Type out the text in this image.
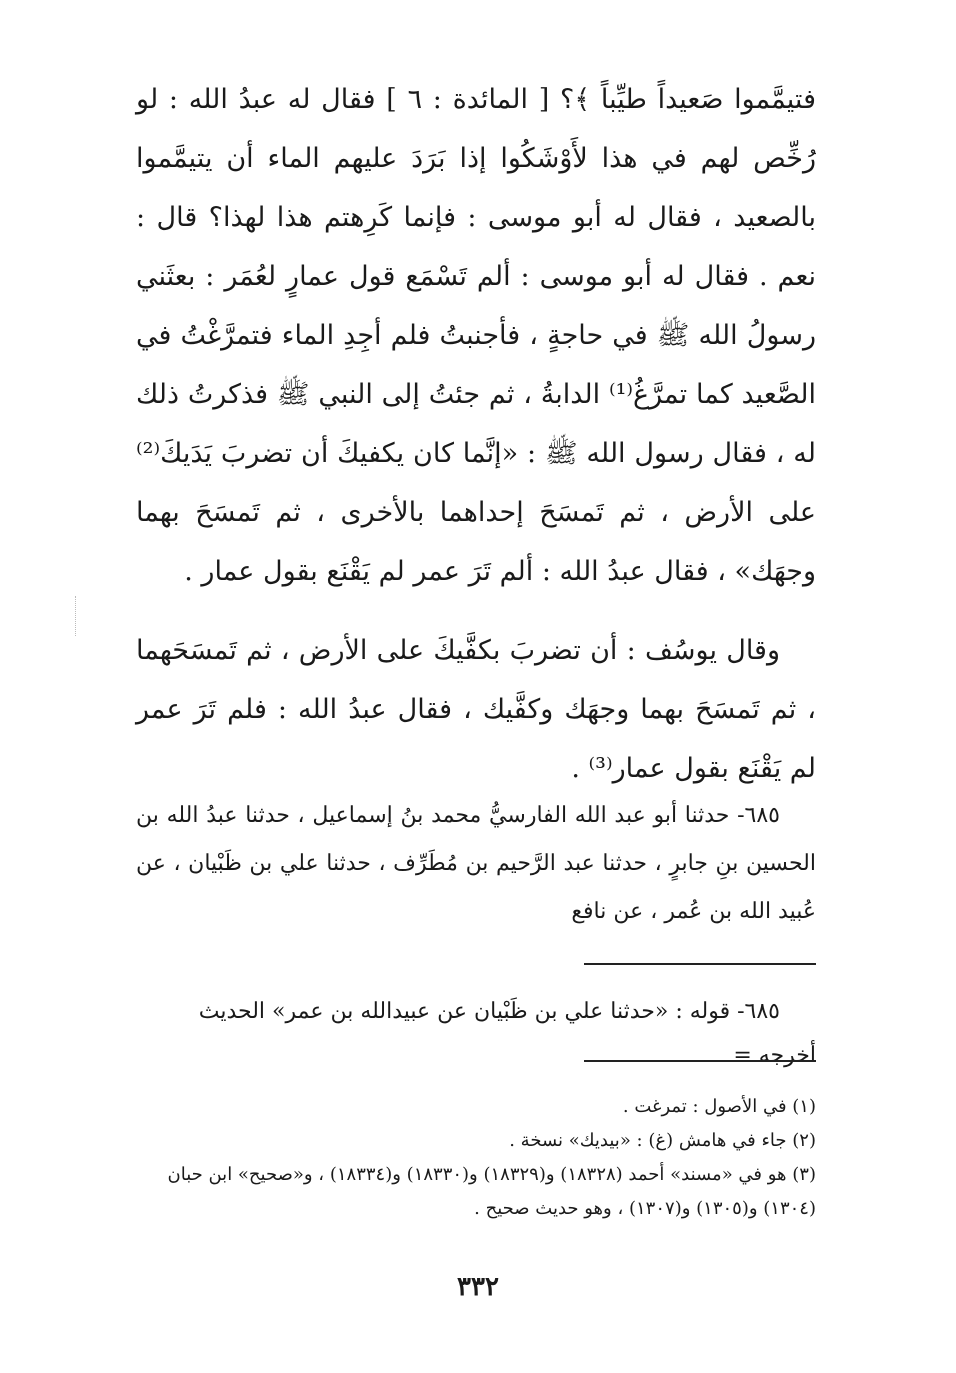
فتيمَّموا صَعيداً طيِّباً ﴾؟ [ المائدة : ٦ ] فقال له عبدُ الله : لو رُخِّص لهم في هذا لأَوْشَكُوا إذا بَرَدَ عليهم الماء أن يتيمَّموا بالصعيد ، فقال له أبو موسى : فإنما كَرِهتم هذا لهذا؟ قال : نعم . فقال له أبو موسى : ألم تَسْمَع قول عمارٍ لعُمَر : بعثَني رسولُ الله ﷺ في حاجةٍ ، فأجنبتُ فلم أجِدِ الماء فتمرَّغْتُ في الصَّعيد كما تمرَّغُ⁽¹⁾ الدابةُ ، ثم جئتُ إلى النبي ﷺ فذكرتُ ذلك له ، فقال رسول الله ﷺ : «إنَّما كان يكفيكَ أن تضربَ يَدَيكَ⁽²⁾ على الأرض ، ثم تَمسَحَ إحداهما بالأخرى ، ثم تَمسَحَ بهما وجهَك» ، فقال عبدُ الله : ألم تَرَ عمر لم يَقْنَع بقول عمار .

وقال يوسُف : أن تضربَ بكفَّيكَ على الأرض ، ثم تَمسَحَهما ، ثم تَمسَحَ بهما وجهَك وكفَّيك ، فقال عبدُ الله : فلم تَرَ عمر لم يَقْنَع بقول عمار⁽³⁾ .

٦٨٥- حدثنا أبو عبد الله الفارسيُّ محمد بنُ إسماعيل ، حدثنا عبدُ الله بن الحسين بنِ جابرٍ ، حدثنا عبد الرَّحيم بن مُطَرِّف ، حدثنا علي بن ظَبْيان ، عن عُبيد الله بن عُمر ، عن نافع
٦٨٥- قوله : «حدثنا علي بن ظَبْيان عن عبيدالله بن عمر» الحديث أخرجه =
(١) في الأصول : تمرغت .
(٢) جاء في هامش (غ) : «بيديك» نسخة .
(٣) هو في «مسند» أحمد (١٨٣٢٨) و(١٨٣٢٩) و(١٨٣٣٠) و(١٨٣٣٤) ، و«صحيح» ابن حبان (١٣٠٤) و(١٣٠٥) و(١٣٠٧) ، وهو حديث صحيح .
٣٣٢
